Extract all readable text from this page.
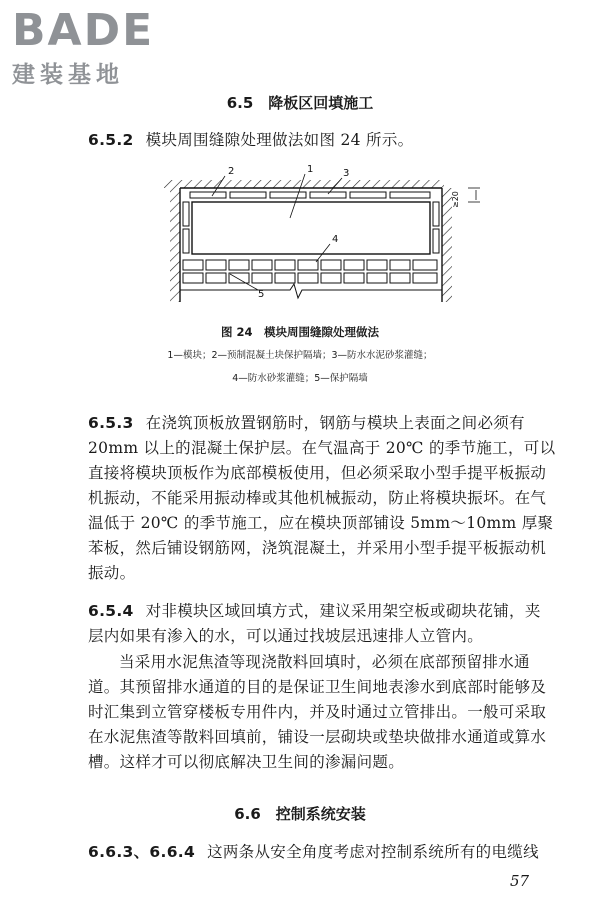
BADE
建装基地
6.5　降板区回填施工
6.5.2 模块周围缝隙处理做法如图 24 所示。
2	1	3
4
5
≥20
图 24　模块周围缝隙处理做法
1—模块；2—预制混凝土块保护隔墙；3—防水水泥砂浆灌缝；
4—防水砂浆灌缝；5—保护隔墙
6.5.3 在浇筑顶板放置钢筋时，钢筋与模块上表面之间必须有 20mm 以上的混凝土保护层。在气温高于 20℃ 的季节施工，可以直接将模块顶板作为底部模板使用，但必须采取小型手提平板振动机振动，不能采用振动棒或其他机械振动，防止将模块振坏。在气温低于 20℃ 的季节施工，应在模块顶部铺设 5mm～10mm 厚聚苯板，然后铺设钢筋网，浇筑混凝土，并采用小型手提平板振动机振动。
6.5.4 对非模块区域回填方式，建议采用架空板或砌块花铺，夹层内如果有渗入的水，可以通过找坡层迅速排人立管内。
当采用水泥焦渣等现浇散料回填时，必须在底部预留排水通道。其预留排水通道的目的是保证卫生间地表渗水到底部时能够及时汇集到立管穿楼板专用件内，并及时通过立管排出。一般可采取在水泥焦渣等散料回填前，铺设一层砌块或垫块做排水通道或算水槽。这样才可以彻底解决卫生间的渗漏问题。
6.6　控制系统安装
6.6.3、6.6.4 这两条从安全角度考虑对控制系统所有的电缆线
57
